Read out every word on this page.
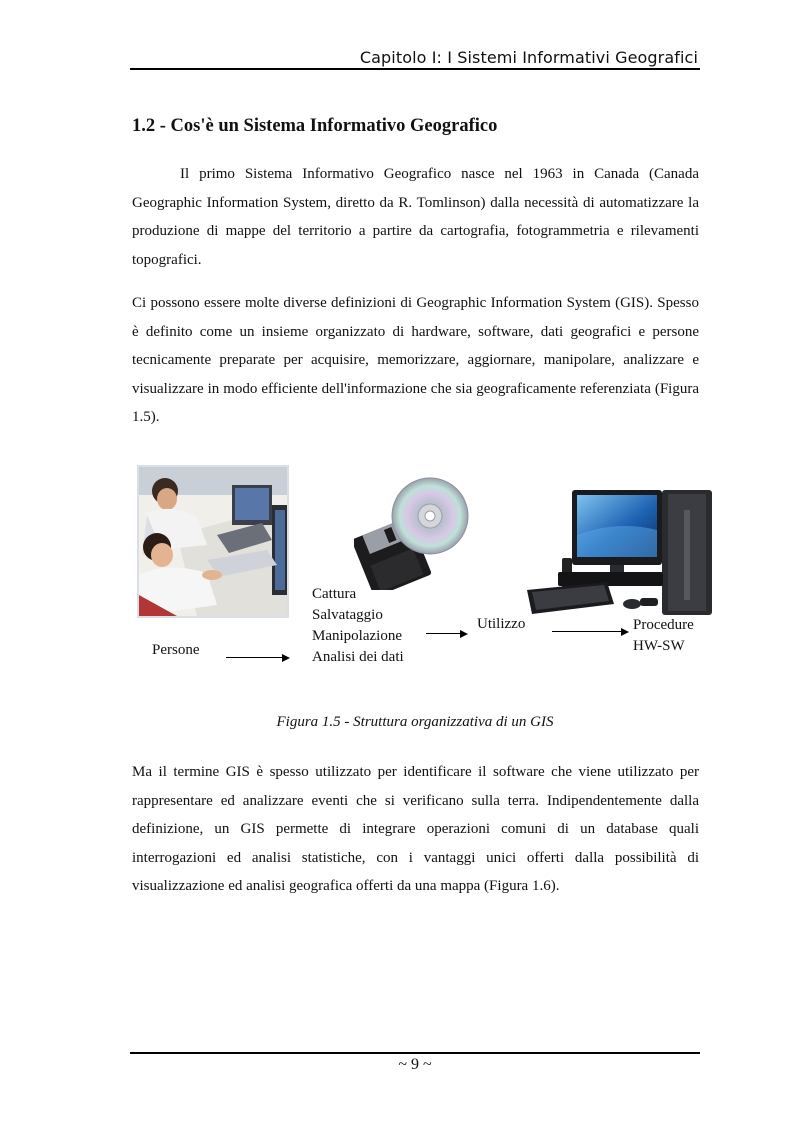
Capitolo I: I Sistemi Informativi Geografici
1.2 - Cos'è un Sistema Informativo Geografico

Il primo Sistema Informativo Geografico nasce nel 1963 in Canada (Canada Geographic Information System, diretto da R. Tomlinson) dalla necessità di automatizzare la produzione di mappe del territorio a partire da cartografia, fotogrammetria e rilevamenti topografici.

Ci possono essere molte diverse definizioni di Geographic Information System (GIS). Spesso è definito come un insieme organizzato di hardware, software, dati geografici e persone tecnicamente preparate per acquisire, memorizzare, aggiornare, manipolare, analizzare e visualizzare in modo efficiente dell'informazione che sia geograficamente referenziata (Figura 1.5).

Persone
Cattura
Salvataggio
Manipolazione
Analisi dei dati
Utilizzo	Procedure
HW-SW
Figura 1.5 - Struttura organizzativa di un GIS

Ma il termine GIS è spesso utilizzato per identificare il software che viene utilizzato per rappresentare ed analizzare eventi che si verificano sulla terra. Indipendentemente dalla definizione, un GIS permette di integrare operazioni comuni di un database quali interrogazioni ed analisi statistiche, con i vantaggi unici offerti dalla possibilità di visualizzazione ed analisi geografica offerti da una mappa (Figura 1.6).

~ 9 ~
